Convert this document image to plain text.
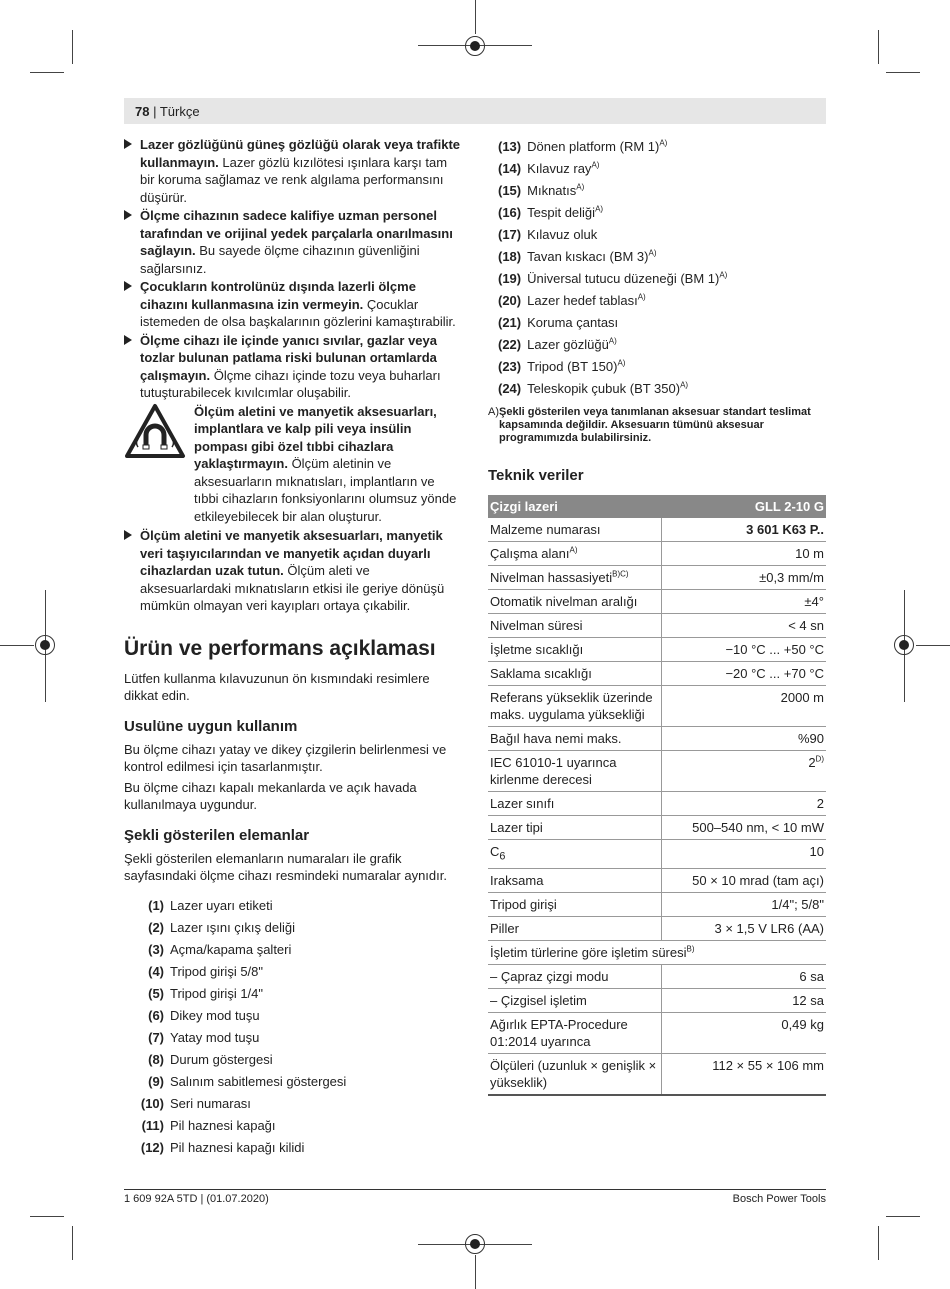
78 | Türkçe
Lazer gözlüğünü güneş gözlüğü olarak veya trafikte kullanmayın. Lazer gözlü kızılötesi ışınlara karşı tam bir koruma sağlamaz ve renk algılama performansını düşürür.
Ölçme cihazının sadece kalifiye uzman personel tarafından ve orijinal yedek parçalarla onarılmasını sağlayın. Bu sayede ölçme cihazının güvenliğini sağlarsınız.
Çocukların kontrolünüz dışında lazerli ölçme cihazını kullanmasına izin vermeyin. Çocuklar istemeden de olsa başkalarının gözlerini kamaştırabilir.
Ölçme cihazı ile içinde yanıcı sıvılar, gazlar veya tozlar bulunan patlama riski bulunan ortamlarda çalışmayın. Ölçme cihazı içinde tozu veya buharları tutuşturabilecek kıvılcımlar oluşabilir.
Ölçüm aletini ve manyetik aksesuarları, implantlara ve kalp pili veya insülin pompası gibi özel tıbbi cihazlara yaklaştırmayın. Ölçüm aletinin ve aksesuarların mıknatısları, implantların ve tıbbi cihazların fonksiyonlarını olumsuz yönde etkileyebilecek bir alan oluşturur.
Ölçüm aletini ve manyetik aksesuarları, manyetik veri taşıyıcılarından ve manyetik açıdan duyarlı cihazlardan uzak tutun. Ölçüm aleti ve aksesuarlardaki mıknatısların etkisi ile geriye dönüşü mümkün olmayan veri kayıpları ortaya çıkabilir.
Ürün ve performans açıklaması

Lütfen kullanma kılavuzunun ön kısmındaki resimlere dikkat edin.

Usulüne uygun kullanım

Bu ölçme cihazı yatay ve dikey çizgilerin belirlenmesi ve kontrol edilmesi için tasarlanmıştır.

Bu ölçme cihazı kapalı mekanlarda ve açık havada kullanılmaya uygundur.

Şekli gösterilen elemanlar

Şekli gösterilen elemanların numaraları ile grafik sayfasındaki ölçme cihazı resmindeki numaralar aynıdır.

(1) Lazer uyarı etiketi
(2) Lazer ışını çıkış deliği
(3) Açma/kapama şalteri
(4) Tripod girişi 5/8"
(5) Tripod girişi 1/4"
(6) Dikey mod tuşu
(7) Yatay mod tuşu
(8) Durum göstergesi
(9) Salınım sabitlemesi göstergesi
(10) Seri numarası
(11) Pil haznesi kapağı
(12) Pil haznesi kapağı kilidi
(13) Dönen platform (RM 1)$^{A)}$
(14) Kılavuz ray$^{A)}$
(15) Mıknatıs$^{A)}$
(16) Tespit deliği$^{A)}$
(17) Kılavuz oluk
(18) Tavan kıskacı (BM 3)$^{A)}$
(19) Üniversal tutucu düzeneği (BM 1)$^{A)}$
(20) Lazer hedef tablası$^{A)}$
(21) Koruma çantası
(22) Lazer gözlüğü$^{A)}$
(23) Tripod (BT 150)$^{A)}$
(24) Teleskopik çubuk (BT 350)$^{A)}$
A) Şekli gösterilen veya tanımlanan aksesuar standart teslimat kapsamında değildir. Aksesuarın tümünü aksesuar programımızda bulabilirsiniz.
Teknik veriler
Çizgi lazeri	GLL 2-10 G
Malzeme numarası	3 601 K63 P..
Çalışma alanı$^{A)}$	10 m
Nivelman hassasiyeti$^{B)C)}$	±0,3 mm/m
Otomatik nivelman aralığı	±4°
Nivelman süresi	< 4 sn
İşletme sıcaklığı	−10 °C ... +50 °C
Saklama sıcaklığı	−20 °C ... +70 °C
Referans yükseklik üzerinde maks. uygulama yüksekliği	2000 m
Bağıl hava nemi maks.	%90
IEC 61010-1 uyarınca kirlenme derecesi	$2^{D)}$
Lazer sınıfı	2
Lazer tipi	500–540 nm, < 10 mW
$C_6$	10
Iraksama	50 × 10 mrad (tam açı)
Tripod girişi	1/4"; 5/8"
Piller	3 × 1,5 V LR6 (AA)
İşletim türlerine göre işletim süresi$^{B)}$
– Çapraz çizgi modu	6 sa
– Çizgisel işletim	12 sa
Ağırlık EPTA-Procedure 01:2014 uyarınca	0,49 kg
Ölçüleri (uzunluk × genişlik × yükseklik)	112 × 55 × 106 mm
1 609 92A 5TD | (01.07.2020)	Bosch Power Tools
